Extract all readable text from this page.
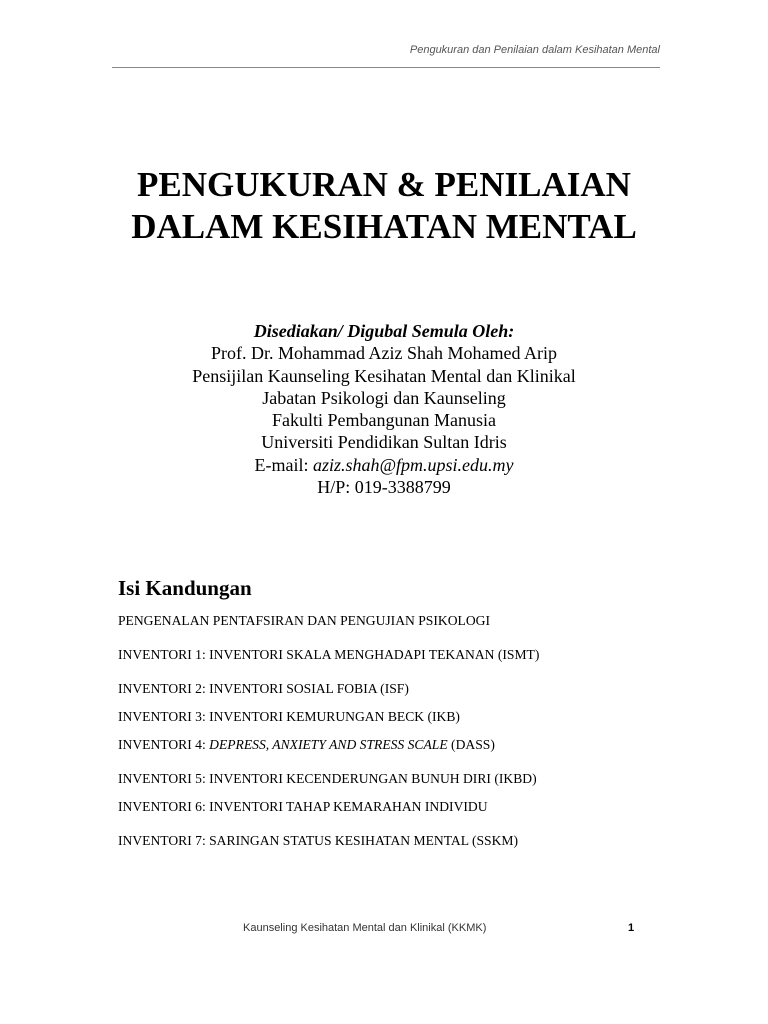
Pengukuran dan Penilaian dalam Kesihatan Mental
PENGUKURAN & PENILAIAN
DALAM KESIHATAN MENTAL
Disediakan/ Digubal Semula Oleh:
Prof. Dr. Mohammad Aziz Shah Mohamed Arip
Pensijilan Kaunseling Kesihatan Mental dan Klinikal
Jabatan Psikologi dan Kaunseling
Fakulti Pembangunan Manusia
Universiti Pendidikan Sultan Idris
E-mail: aziz.shah@fpm.upsi.edu.my
H/P: 019-3388799
Isi Kandungan
PENGENALAN PENTAFSIRAN DAN PENGUJIAN PSIKOLOGI
INVENTORI 1: INVENTORI SKALA MENGHADAPI TEKANAN (ISMT)
INVENTORI 2: INVENTORI SOSIAL FOBIA (ISF)
INVENTORI 3: INVENTORI KEMURUNGAN BECK (IKB)
INVENTORI 4: DEPRESS, ANXIETY AND STRESS SCALE (DASS)
INVENTORI 5: INVENTORI KECENDERUNGAN BUNUH DIRI (IKBD)
INVENTORI 6: INVENTORI TAHAP KEMARAHAN INDIVIDU
INVENTORI 7: SARINGAN STATUS KESIHATAN MENTAL (SSKM)
Kaunseling Kesihatan Mental dan Klinikal (KKMK)	1
